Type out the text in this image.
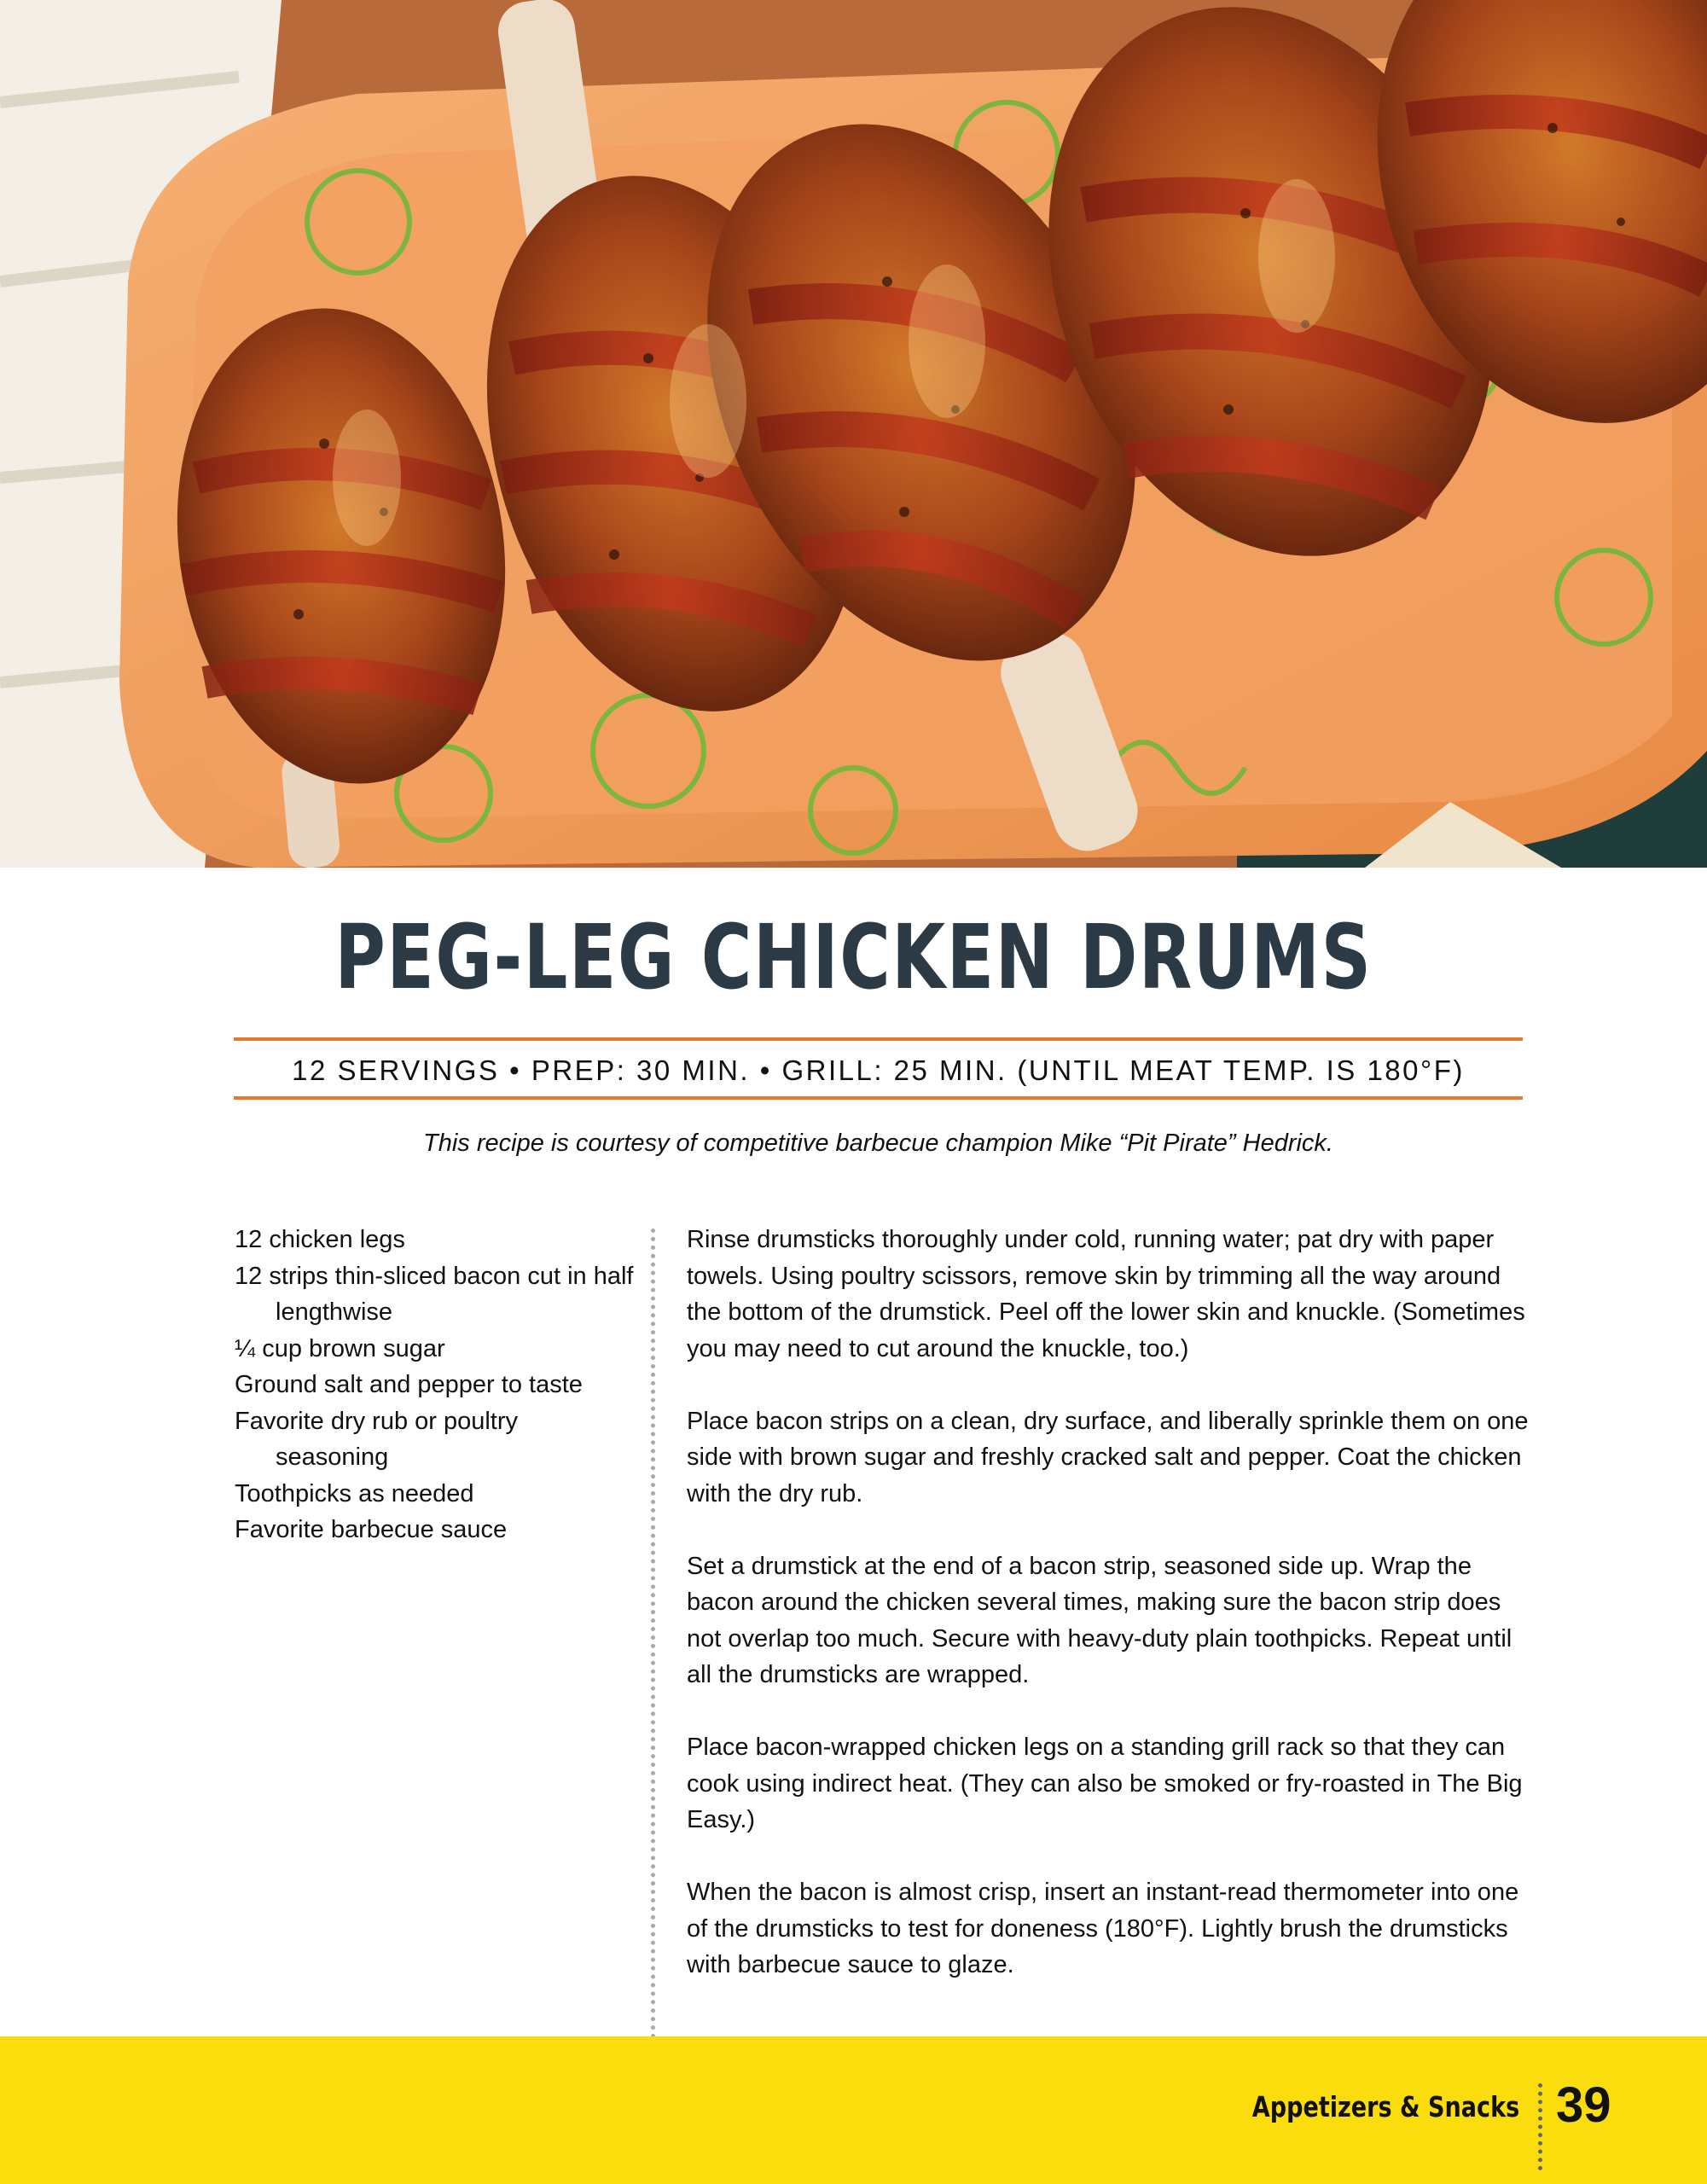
PEG-LEG CHICKEN DRUMS
12 SERVINGS • PREP: 30 MIN. • GRILL: 25 MIN. (UNTIL MEAT TEMP. IS 180°F)
This recipe is courtesy of competitive barbecue champion Mike “Pit Pirate” Hedrick.
12 chicken legs
12 strips thin-sliced bacon cut in half lengthwise
¼ cup brown sugar
Ground salt and pepper to taste
Favorite dry rub or poultry seasoning
Toothpicks as needed
Favorite barbecue sauce

Rinse drumsticks thoroughly under cold, running water; pat dry with paper towels. Using poultry scissors, remove skin by trimming all the way around the bottom of the drumstick. Peel off the lower skin and knuckle. (Sometimes you may need to cut around the knuckle, too.)

Place bacon strips on a clean, dry surface, and liberally sprinkle them on one side with brown sugar and freshly cracked salt and pepper. Coat the chicken with the dry rub.

Set a drumstick at the end of a bacon strip, seasoned side up. Wrap the bacon around the chicken several times, making sure the bacon strip does not overlap too much. Secure with heavy-duty plain toothpicks. Repeat until all the drumsticks are wrapped.

Place bacon-wrapped chicken legs on a standing grill rack so that they can cook using indirect heat. (They can also be smoked or fry-roasted in The Big Easy.)

When the bacon is almost crisp, insert an instant-read thermometer into one of the drumsticks to test for doneness (180°F). Lightly brush the drumsticks with barbecue sauce to glaze.

Appetizers & Snacks 39
